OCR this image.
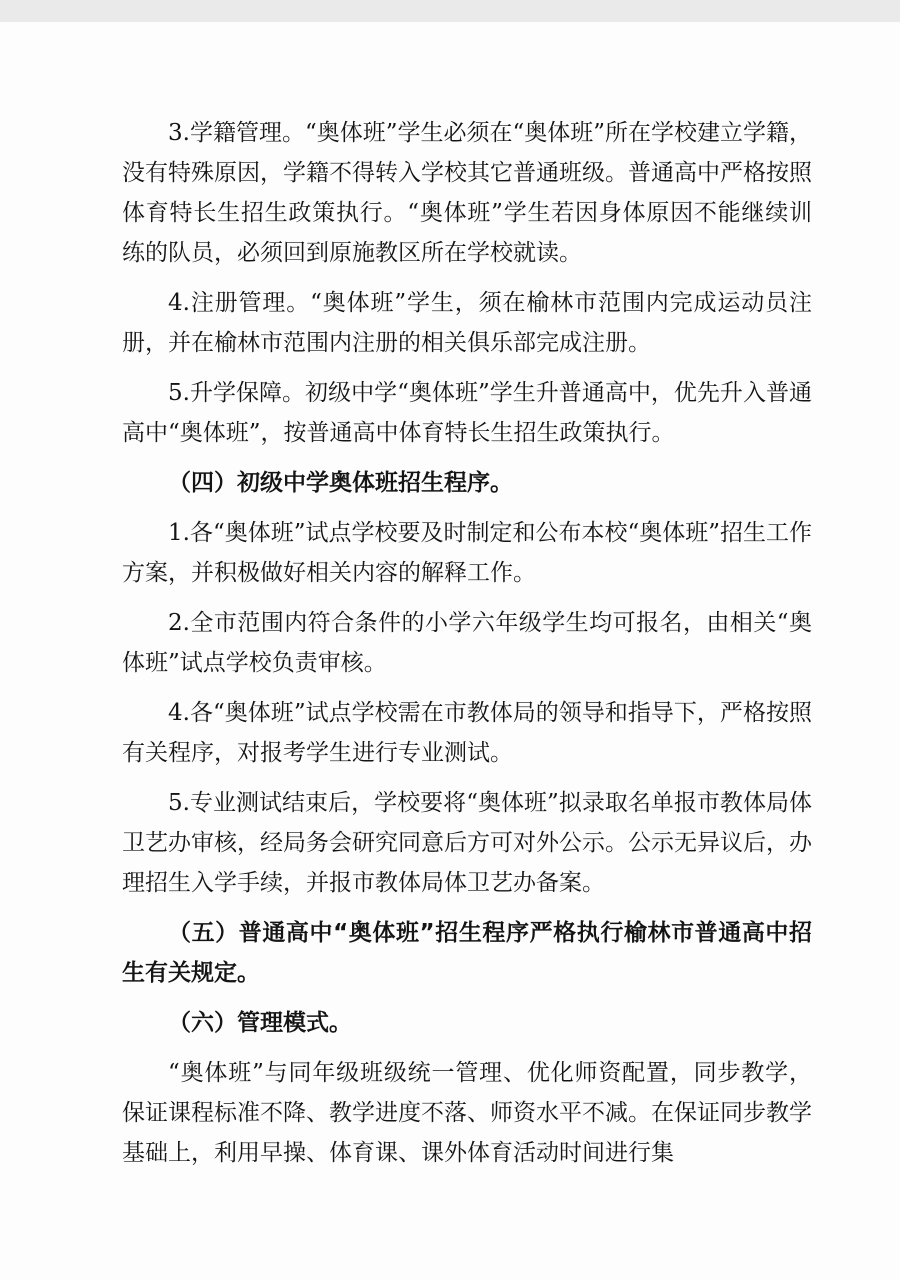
3.学籍管理。“奥体班”学生必须在“奥体班”所在学校建立学籍，没有特殊原因，学籍不得转入学校其它普通班级。普通高中严格按照体育特长生招生政策执行。“奥体班”学生若因身体原因不能继续训练的队员，必须回到原施教区所在学校就读。

4.注册管理。“奥体班”学生，须在榆林市范围内完成运动员注册，并在榆林市范围内注册的相关俱乐部完成注册。

5.升学保障。初级中学“奥体班”学生升普通高中，优先升入普通高中“奥体班”，按普通高中体育特长生招生政策执行。

（四）初级中学奥体班招生程序。

1.各“奥体班”试点学校要及时制定和公布本校“奥体班”招生工作方案，并积极做好相关内容的解释工作。

2.全市范围内符合条件的小学六年级学生均可报名，由相关“奥体班”试点学校负责审核。

4.各“奥体班”试点学校需在市教体局的领导和指导下，严格按照有关程序，对报考学生进行专业测试。

5.专业测试结束后，学校要将“奥体班”拟录取名单报市教体局体卫艺办审核，经局务会研究同意后方可对外公示。公示无异议后，办理招生入学手续，并报市教体局体卫艺办备案。

（五）普通高中“奥体班”招生程序严格执行榆林市普通高中招生有关规定。

（六）管理模式。

“奥体班”与同年级班级统一管理、优化师资配置，同步教学，保证课程标准不降、教学进度不落、师资水平不减。在保证同步教学基础上，利用早操、体育课、课外体育活动时间进行集
